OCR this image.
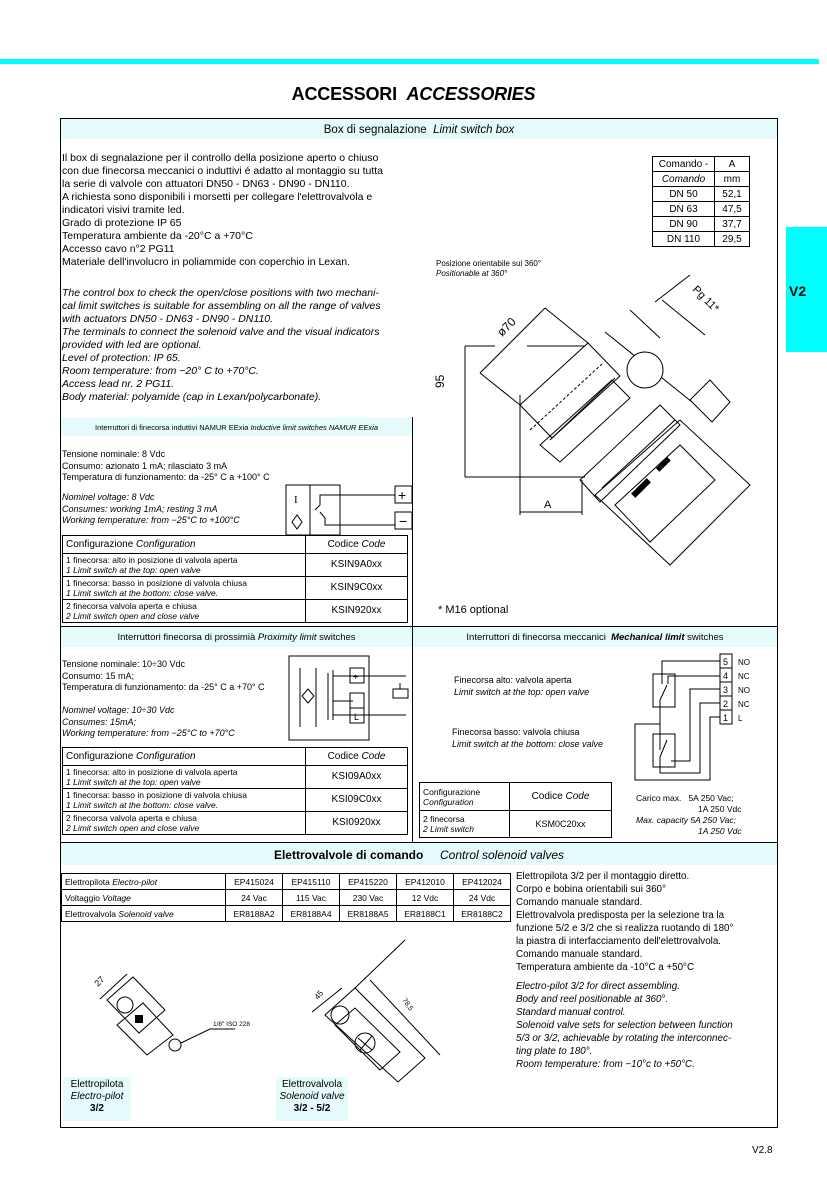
ACCESSORI ACCESSORIES
V2
Box di segnalazione Limit switch box
Il box di segnalazione per il controllo della posizione aperto o chiuso
con due finecorsa meccanici o induttivi é adatto al montaggio su tutta
la serie di valvole con attuatori DN50 - DN63 - DN90 - DN110.
A richiesta sono disponibili i morsetti per collegare l'elettrovalvola e
indicatori visivi tramite led.
Grado di protezione IP 65
Temperatura ambiente da -20°C a +70°C
Accesso cavo n°2 PG11
Materiale dell'involucro in poliammide con coperchio in Lexan.
The control box to check the open/close positions with two mechani-
cal limit switches is suitable for assembling on all the range of valves
with actuators DN50 - DN63 - DN90 - DN110.
The terminals to connect the solenoid valve and the visual indicators
provided with led are optional.
Level of protection: IP 65.
Room temperature: from −20° C to +70°C.
Access lead nr. 2 PG11.
Body material: polyamide (cap in Lexan/polycarbonate).
Comando -	A
Comando	mm
DN 50	52,1
DN 63	47,5
DN 90	37,7
DN 110	29,5
Posizione orientabile sui 360°
Positionable at 360°
95
ø70
A
Pg 11*
* M16 optional
Interruttori di finecorsa induttivi NAMUR EExia Inductive limit switches NAMUR EExia
Tensione nominale: 8 Vdc
Consumo: azionato 1 mA; rilasciato 3 mA
Temperatura di funzionamento: da -25° C a +100° C
Nominel voltage: 8 Vdc
Consumes: working 1mA; resting 3 mA
Working temperature: from −25°C to +100°C
I	+
−
Configurazione Configuration	Codice Code

1 finecorsa: alto in posizione di valvola aperta
1 Limit switch at the top: open valve	KSIN9A0xx

1 finecorsa: basso in posizione di valvola chiusa
1 Limit switch at the bottom: close valve.	KSIN9C0xx

2 finecorsa valvola aperta e chiusa
2 Limit switch open and close valve	KSIN920xx
Interruttori finecorsa di prossimià Proximity limit switches
Tensione nominale: 10÷30 Vdc
Consumo: 15 mA;
Temperatura di funzionamento: da -25° C a +70° C
Nominel voltage: 10÷30 Vdc
Consumes: 15mA;
Working temperature: from −25°C to +70°C
+
L
Configurazione Configuration	Codice Code

1 finecorsa: alto in posizione di valvola aperta
1 Limit switch at the top: open valve	KSI09A0xx

1 finecorsa: basso in posizione di valvola chiusa
1 Limit switch at the bottom: close valve.	KSI09C0xx

2 finecorsa valvola aperta e chiusa
2 Limit switch open and close valve	KSI0920xx
Interruttori di finecorsa meccanici Mechanical limit switches
Finecorsa alto: valvola aperta
Limit switch at the top: open valve
Finecorsa basso: valvola chiusa
Limit switch at the bottom: close valve
5
4
3
2
1
NO
NC
NO
NC
L
Configurazione
Configuration	Codice Code

2 finecorsa
2 Limit switch	KSM0C20xx
Carico max. 5A 250 Vac;
1A 250 Vdc
Max. capacity 5A 250 Vac;
1A 250 Vdc
Elettrovalvole di comando Control solenoid valves
Elettropilota Electro-pilot	EP415024	EP415110	EP415220	EP412010	EP412024
Voltaggio Voltage	24 Vac	115 Vac	230 Vac	12 Vdc	24 Vdc
Elettrovalvola Solenoid valve	ER8188A2	ER8188A4	ER8188A5	ER8188C1	ER8188C2
Elettropilota 3/2 per il montaggio diretto.
Corpo e bobina orientabili sui 360°
Comando manuale standard.
Elettrovalvola predisposta per la selezione tra la
funzione 5/2 e 3/2 che si realizza ruotando di 180°
la piastra di interfacciamento dell'elettrovalvola.
Comando manuale standard.
Temperatura ambiente da -10°C a +50°C
Electro-pilot 3/2 for direct assembling.
Body and reel positionable at 360°.
Standard manual control.
Solenoid valve sets for selection between function
5/3 or 3/2, achievable by rotating the interconnec-
ting plate to 180°.
Room temperature: from −10°c to +50°C.
27
1/8" ISO 228
45
78,5
Elettropilota
Electro-pilot
3/2
Elettrovalvola
Solenoid valve
3/2 - 5/2
V2.8
